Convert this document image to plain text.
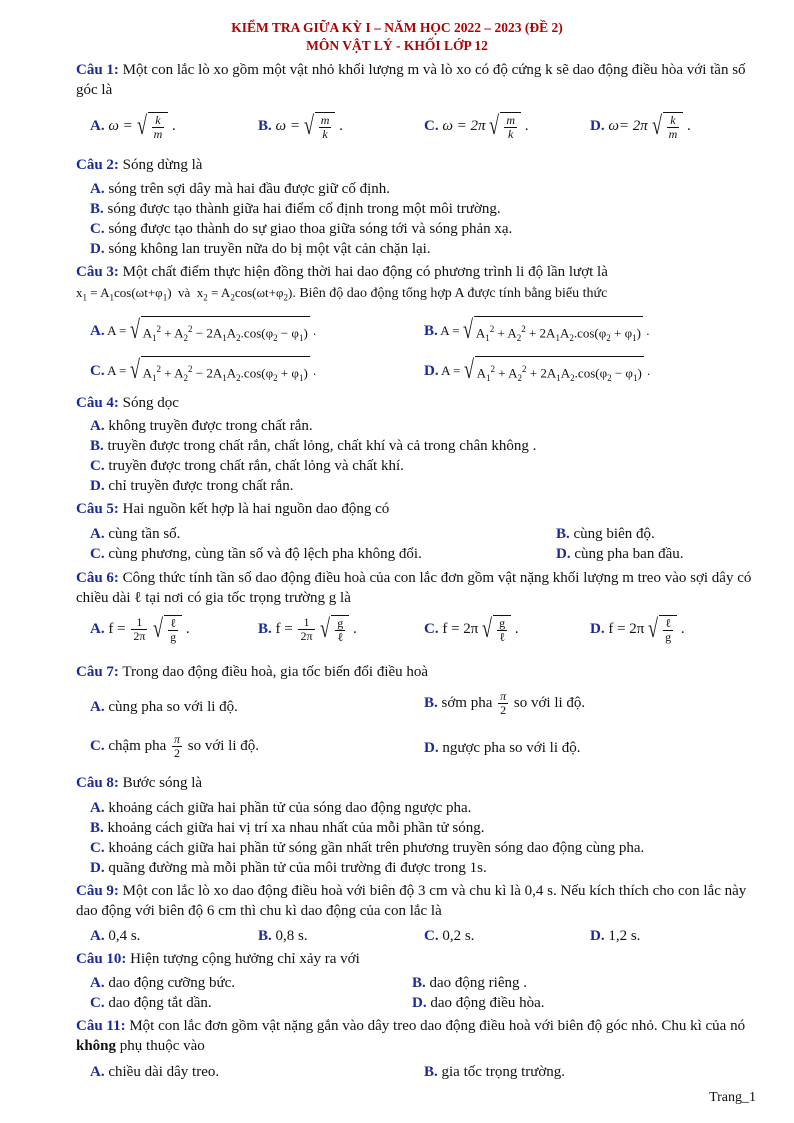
KIỂM TRA GIỮA KỲ I – NĂM HỌC 2022 – 2023 (ĐỀ 2)
MÔN VẬT LÝ - KHỐI LỚP 12
Câu 1: Một con lắc lò xo gồm một vật nhỏ khối lượng m và lò xo có độ cứng k sẽ dao động điều hòa với tần số góc là
A. ω = √ $\frac{k}{m}$ .	B. ω = √ $\frac{m}{k}$ .	C. ω = 2π √ $\frac{m}{k}$ .	D. ω= 2π √ $\frac{k}{m}$ .
Câu 2: Sóng dừng là
A. sóng trên sợi dây mà hai đầu được giữ cố định.
B. sóng được tạo thành giữa hai điểm cố định trong một môi trường.
C. sóng được tạo thành do sự giao thoa giữa sóng tới và sóng phản xạ.
D. sóng không lan truyền nữa do bị một vật cản chặn lại.
Câu 3: Một chất điểm thực hiện đồng thời hai dao động có phương trình li độ lần lượt là
$x_1 = A_1\cos(\omega t+\varphi_1)$  và  $x_2 = A_2\cos(\omega t+\varphi_2)$. Biên độ dao động tổng hợp A được tính bằng biểu thức
A. A = √ $A_1^2 + A_2^2 - 2A_1A_2.\cos(\varphi_2 - \varphi_1)$ .	B. A = √ $A_1^2 + A_2^2 + 2A_1A_2.\cos(\varphi_2 + \varphi_1)$ .
C. A = √ $A_1^2 + A_2^2 - 2A_1A_2.\cos(\varphi_2 + \varphi_1)$ .	D. A = √ $A_1^2 + A_2^2 + 2A_1A_2.\cos(\varphi_2 - \varphi_1)$ .
Câu 4: Sóng dọc
A. không truyền được trong chất rắn.
B. truyền được trong chất rắn, chất lỏng, chất khí và cả trong chân không .
C. truyền được trong chất rắn, chất lỏng và chất khí.
D. chỉ truyền được trong chất rắn.
Câu 5: Hai nguồn kết hợp là hai nguồn dao động có
A. cùng tần số.	B. cùng biên độ.
C. cùng phương, cùng tần số và độ lệch pha không đổi.	D. cùng pha ban đầu.
Câu 6: Công thức tính tần số dao động điều hoà của con lắc đơn gồm vật nặng khối lượng m treo vào sợi dây có chiều dài ℓ tại nơi có gia tốc trọng trường g là
A. $f = \frac{1}{2\pi}$
√ $\frac{\text{ℓ}}{g}$ .	B. $f = \frac{1}{2\pi}$
√ $\frac{g}{\text{ℓ}}$ .	C. f = 2π √ $\frac{g}{\text{ℓ}}$ .	D. f = 2π √ $\frac{\text{ℓ}}{g}$ .
Câu 7: Trong dao động điều hoà, gia tốc biến đổi điều hoà
A. cùng pha so với li độ.	B. sớm pha $\frac{\pi}{2}$ so với li độ.
C. chậm pha $\frac{\pi}{2}$ so với li độ.	D. ngược pha so với li độ.
Câu 8: Bước sóng là
A. khoảng cách giữa hai phần tử của sóng dao động ngược pha.
B. khoảng cách giữa hai vị trí xa nhau nhất của mỗi phần tử sóng.
C. khoảng cách giữa hai phần tử sóng gần nhất trên phương truyền sóng dao động cùng pha.
D. quãng đường mà mỗi phần tử của môi trường đi được trong 1s.
Câu 9: Một con lắc lò xo dao động điều hoà với biên độ 3 cm và chu kì là 0,4 s. Nếu kích thích cho con lắc này dao động với biên độ 6 cm thì chu kì dao động của con lắc là
A. 0,4 s.	B. 0,8 s.	C. 0,2 s.	D. 1,2 s.
Câu 10: Hiện tượng cộng hưởng chỉ xảy ra với
A. dao động cưỡng bức.	B. dao động riêng .
C. dao động tắt dần.	D. dao động điều hòa.
Câu 11: Một con lắc đơn gồm vật nặng gắn vào dây treo dao động điều hoà với biên độ góc nhỏ. Chu kì của nó không phụ thuộc vào
A. chiều dài dây treo.	B. gia tốc trọng trường.
Trang_1
